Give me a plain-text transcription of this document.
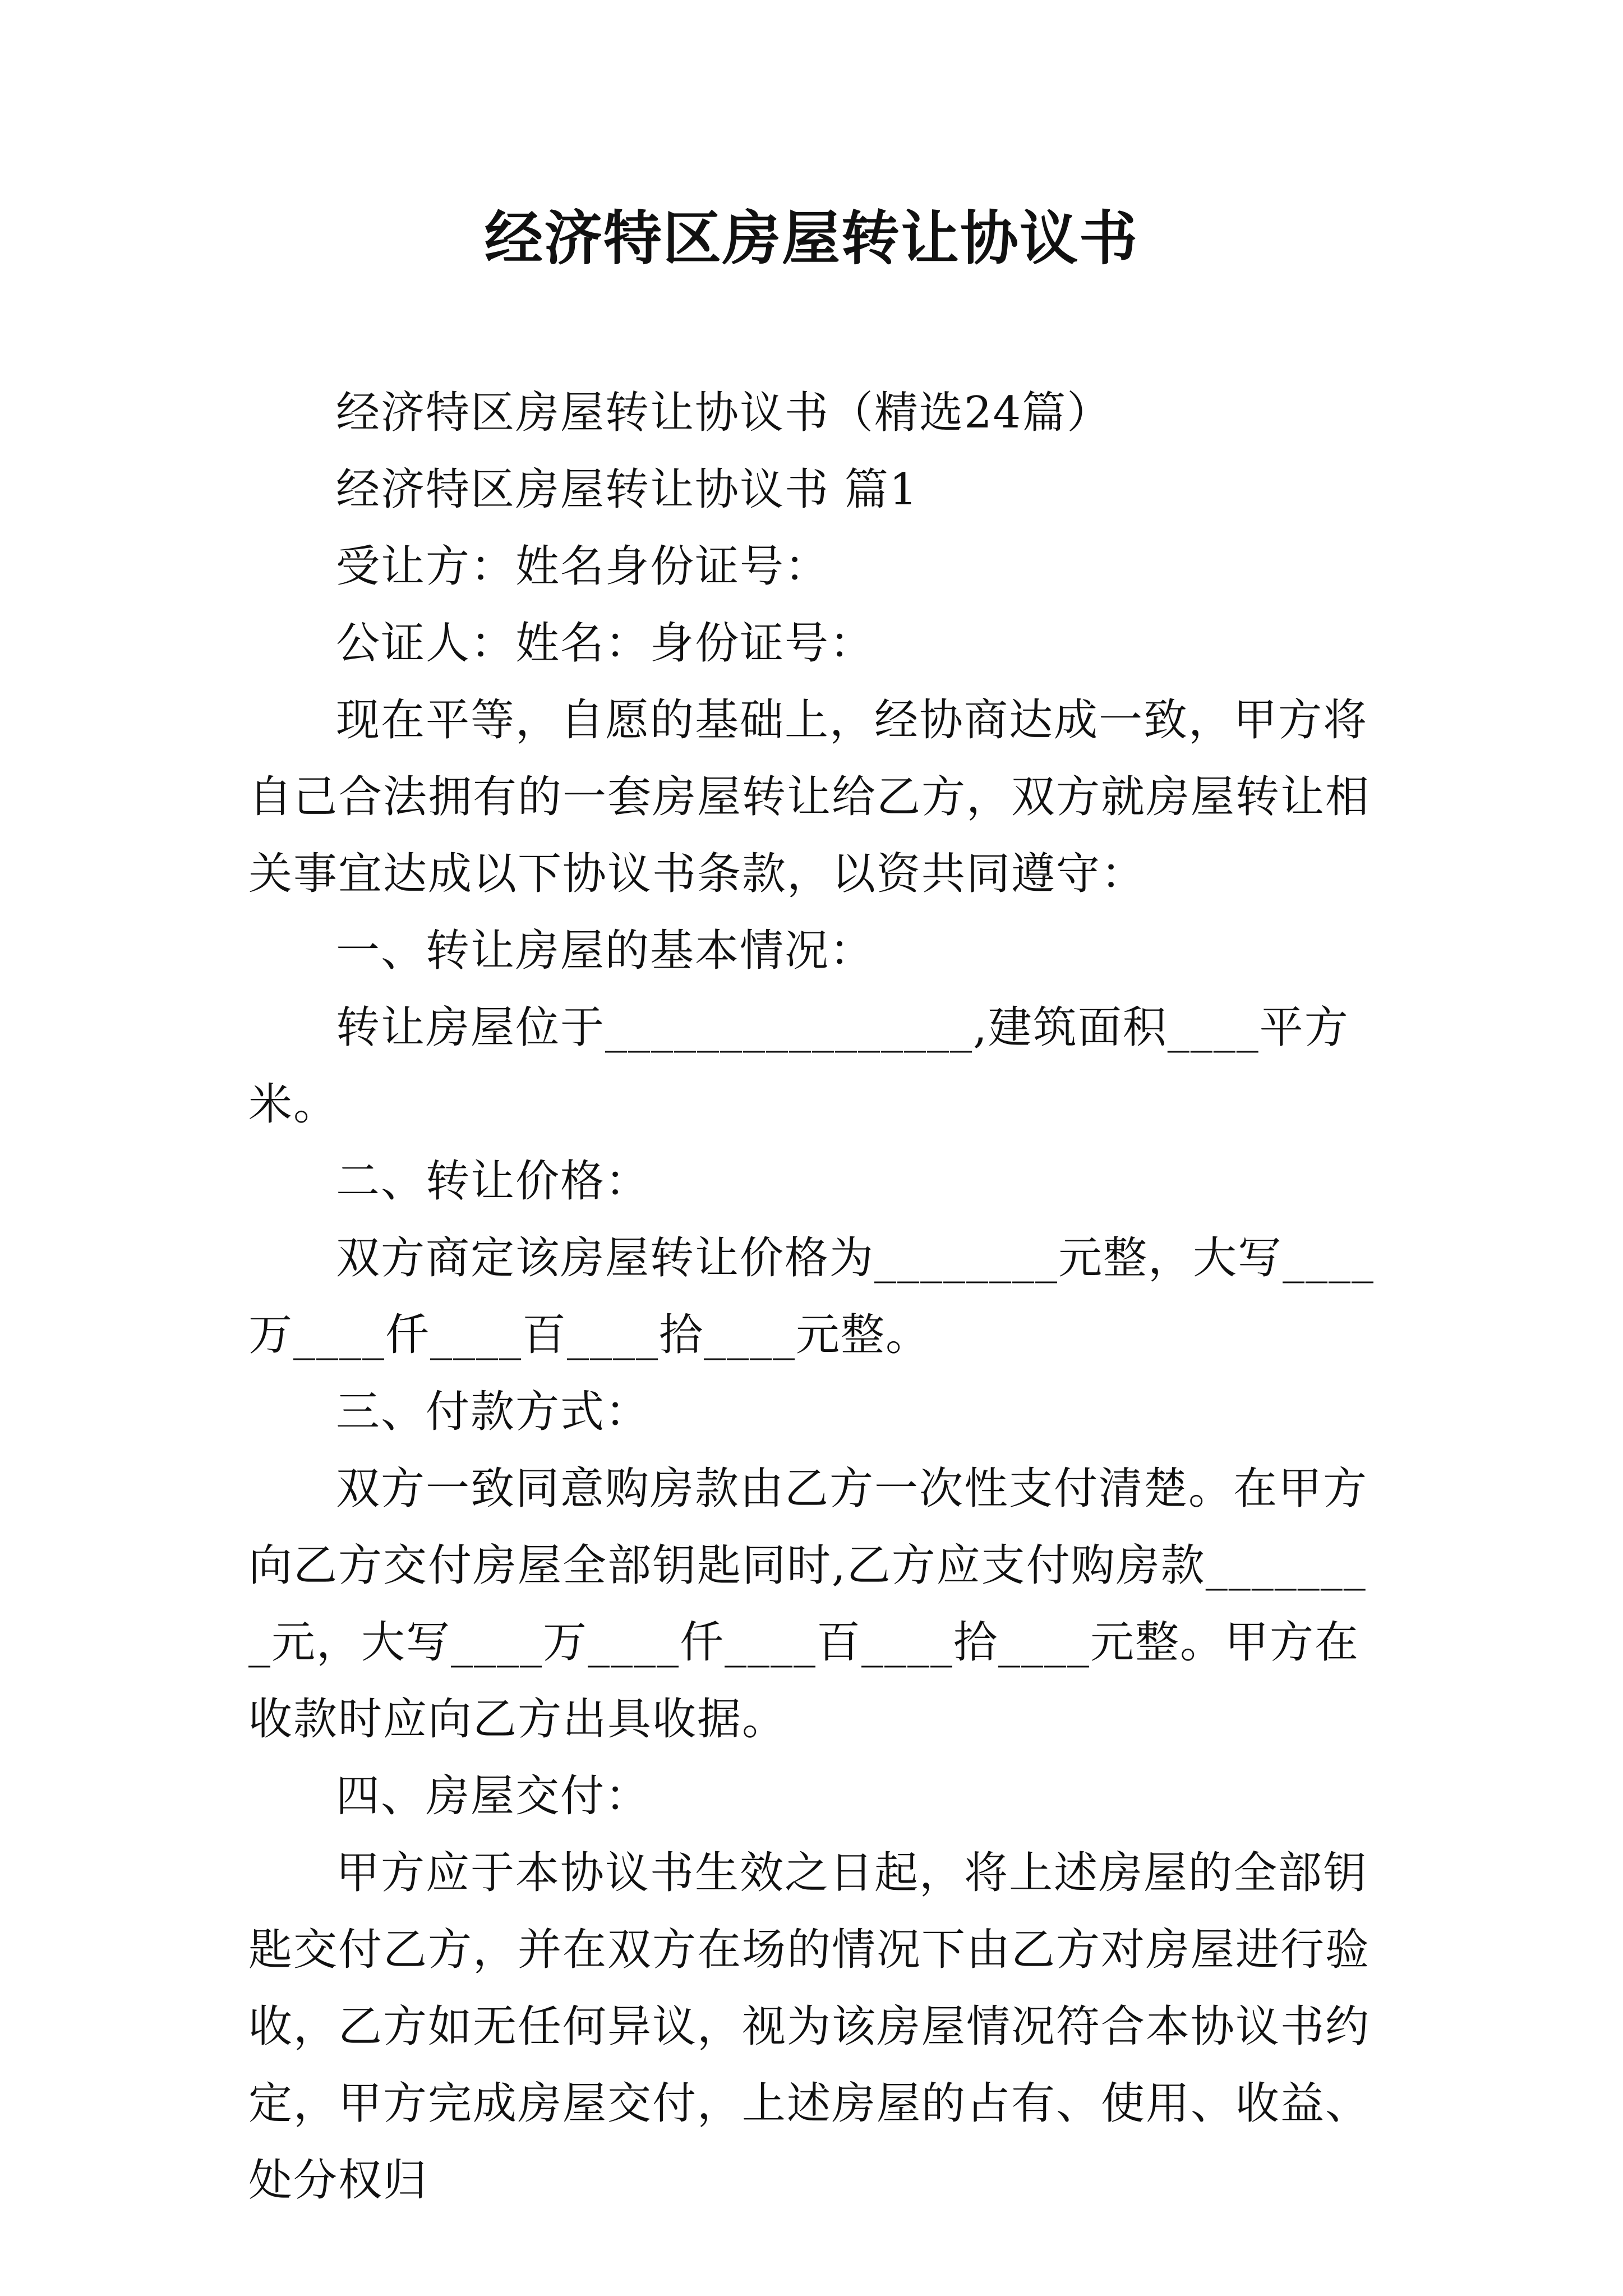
经济特区房屋转让协议书

经济特区房屋转让协议书（精选24篇）

经济特区房屋转让协议书 篇1

受让方：姓名身份证号：

公证人：姓名：身份证号：

现在平等，自愿的基础上，经协商达成一致，甲方将自己合法拥有的一套房屋转让给乙方，双方就房屋转让相关事宜达成以下协议书条款，以资共同遵守：

一、转让房屋的基本情况：

转让房屋位于________________,建筑面积____平方米。

二、转让价格：

双方商定该房屋转让价格为________元整，大写____万____仟____百____拾____元整。

三、付款方式：

双方一致同意购房款由乙方一次性支付清楚。在甲方向乙方交付房屋全部钥匙同时,乙方应支付购房款________元，大写____万____仟____百____拾____元整。甲方在收款时应向乙方出具收据。

四、房屋交付：

甲方应于本协议书生效之日起，将上述房屋的全部钥匙交付乙方，并在双方在场的情况下由乙方对房屋进行验收，乙方如无任何异议，视为该房屋情况符合本协议书约定，甲方完成房屋交付，上述房屋的占有、使用、收益、处分权归
